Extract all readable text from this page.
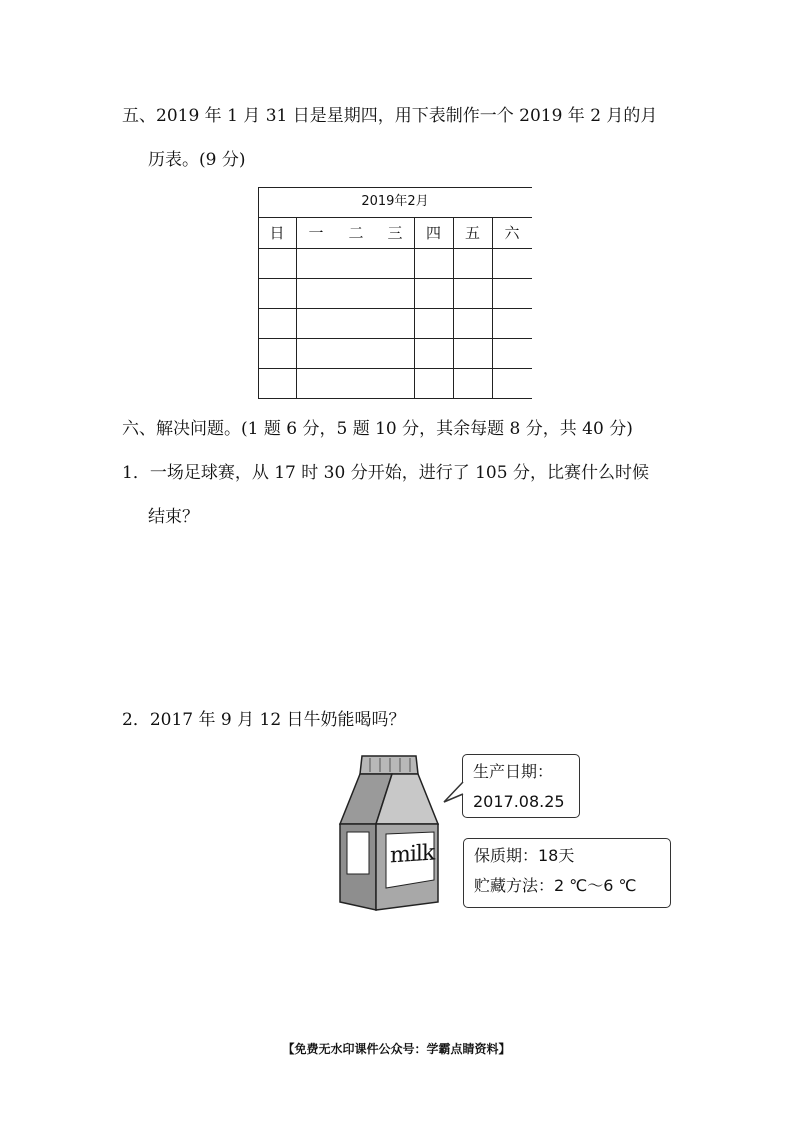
五、2019 年 1 月 31 日是星期四，用下表制作一个 2019 年 2 月的月
历表。(9 分)
2019年2月
日	一	二	三	四	五	六
六、解决问题。(1 题 6 分，5 题 10 分，其余每题 8 分，共 40 分)
1．一场足球赛，从 17 时 30 分开始，进行了 105 分，比赛什么时候
结束？
2．2017 年 9 月 12 日牛奶能喝吗？
milk
生产日期：
2017.08.25
保质期：18天
贮藏方法：2 ℃～6 ℃
【免费无水印课件公众号：学霸点睛资料】
